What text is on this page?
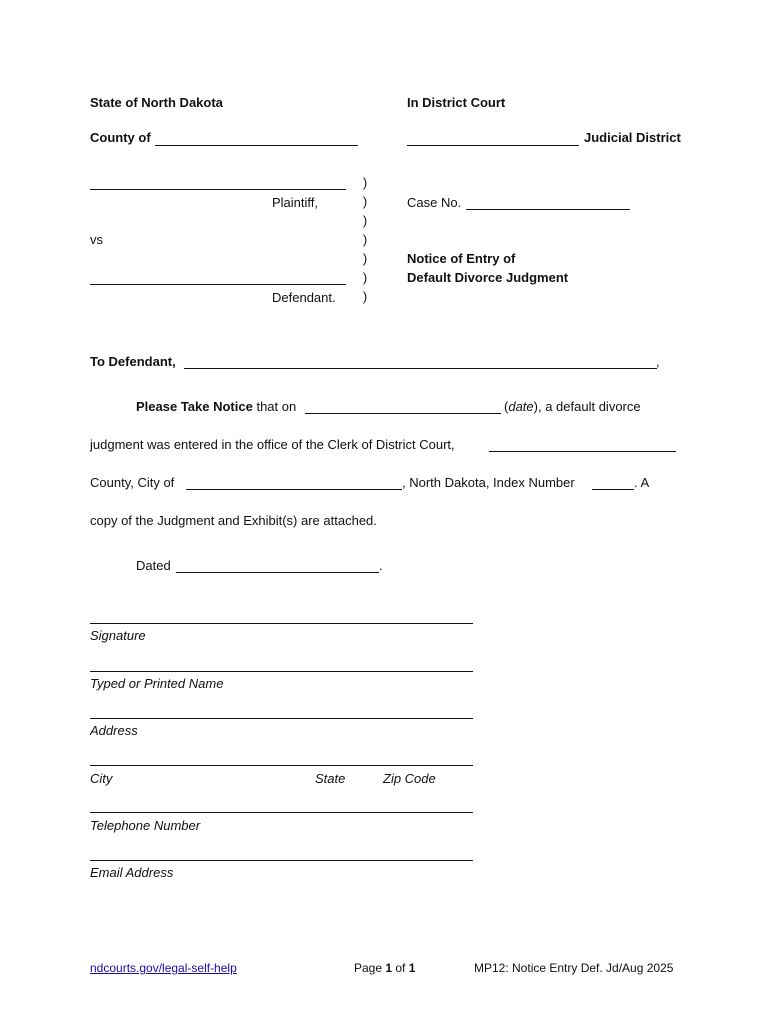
State of North Dakota	In District Court
County of	Judicial District
Plaintiff,
vs
Defendant.
)
)
)
)
)
)
)
Case No.
Notice of Entry of
Default Divorce Judgment
To Defendant,	,
Please Take Notice that on	(date), a default divorce
judgment was entered in the office of the Clerk of District Court,
County, City of	, North Dakota, Index Number	. A
copy of the Judgment and Exhibit(s) are attached.
Dated	.
Signature
Typed or Printed Name
Address
City	State	Zip Code
Telephone Number
Email Address
ndcourts.gov/legal-self-help	Page 1 of 1	MP12: Notice Entry Def. Jd/Aug 2025
